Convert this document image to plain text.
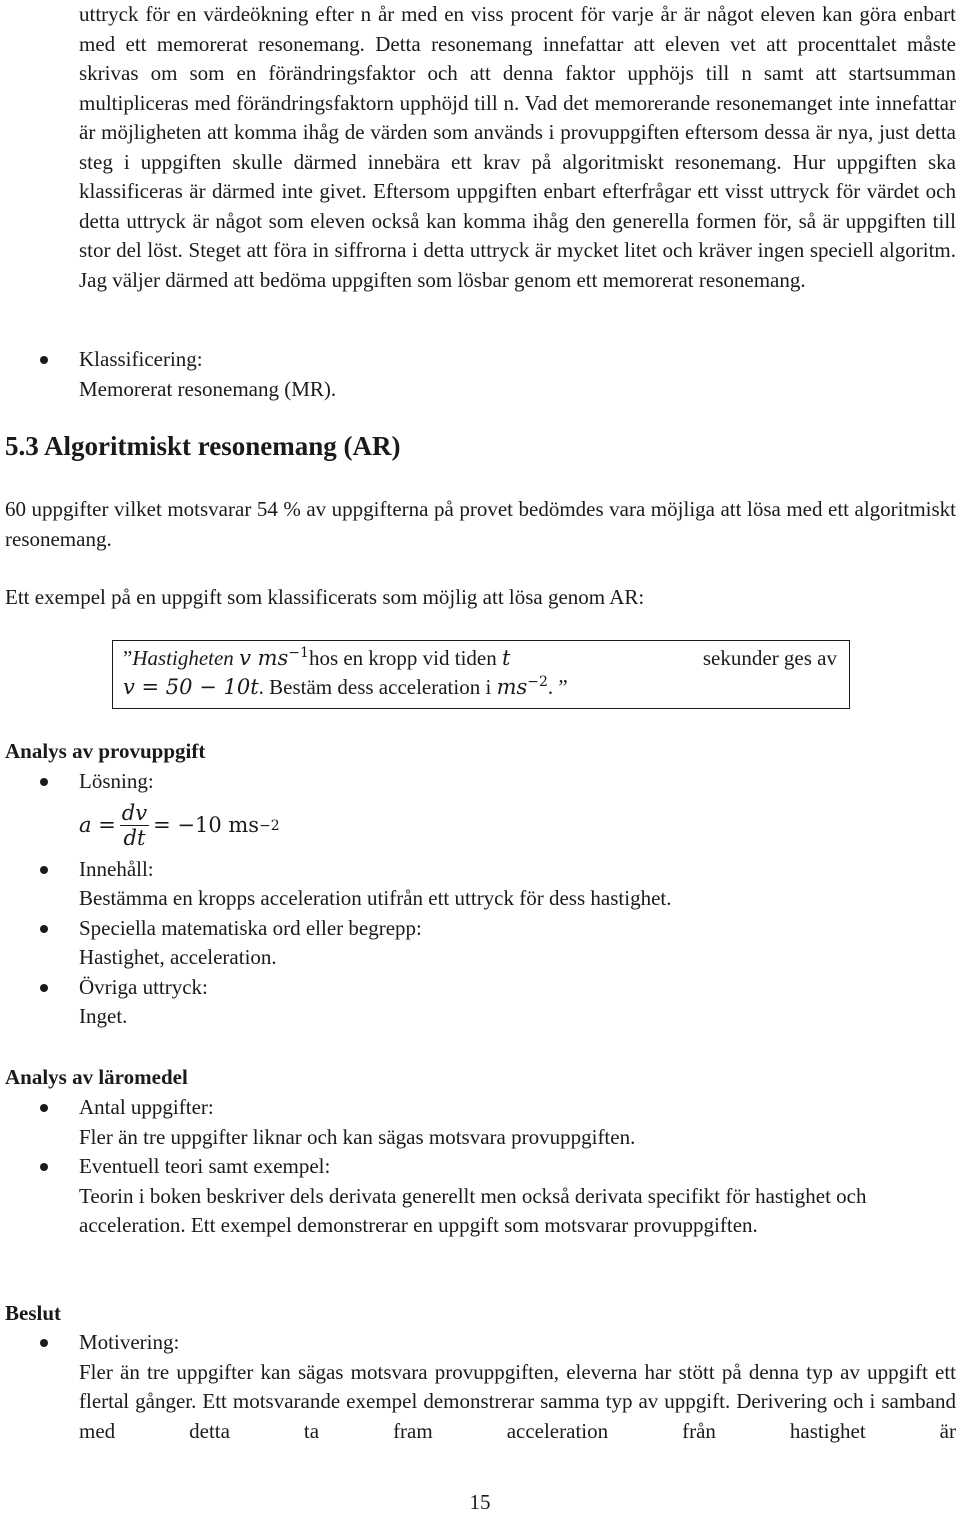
uttryck för en värdeökning efter n år med en viss procent för varje år är något eleven kan göra enbart med ett memorerat resonemang. Detta resonemang innefattar att eleven vet att procenttalet måste skrivas om som en förändringsfaktor och att denna faktor upphöjs till n samt att startsumman multipliceras med förändringsfaktorn upphöjd till n. Vad det memorerande resonemanget inte innefattar är möjligheten att komma ihåg de värden som används i provuppgiften eftersom dessa är nya, just detta steg i uppgiften skulle därmed innebära ett krav på algoritmiskt resonemang. Hur uppgiften ska klassificeras är därmed inte givet. Eftersom uppgiften enbart efterfrågar ett visst uttryck för värdet och detta uttryck är något som eleven också kan komma ihåg den generella formen för, så är uppgiften till stor del löst. Steget att föra in siffrorna i detta uttryck är mycket litet och kräver ingen speciell algoritm. Jag väljer därmed att bedöma uppgiften som lösbar genom ett memorerat resonemang.

Klassificering:

Memorerat resonemang (MR).

5.3 Algoritmiskt resonemang (AR)

60 uppgifter vilket motsvarar 54 % av uppgifterna på provet bedömdes vara möjliga att lösa med ett algoritmiskt resonemang.

Ett exempel på en uppgift som klassificerats som möjlig att lösa genom AR:

”Hastigheten v $ms^{-1}hos$ en kropp vid tiden t	sekunder ges av
v = 50 − 10t. Bestäm dess acceleration i $ms^{-2}$. ”
Analys av provuppgift

Lösning:

$a = \frac{dv}{dt} = -10$ ms −2

Innehåll:

Bestämma en kropps acceleration utifrån ett uttryck för dess hastighet.

Speciella matematiska ord eller begrepp:

Hastighet, acceleration.

Övriga uttryck:

Inget.

Analys av läromedel

Antal uppgifter:

Fler än tre uppgifter liknar och kan sägas motsvara provuppgiften.

Eventuell teori samt exempel:

Teorin i boken beskriver dels derivata generellt men också derivata specifikt för hastighet och acceleration. Ett exempel demonstrerar en uppgift som motsvarar provuppgiften.

Beslut

Motivering:

Fler än tre uppgifter kan sägas motsvara provuppgiften, eleverna har stött på denna typ av uppgift ett flertal gånger. Ett motsvarande exempel demonstrerar samma typ av uppgift. Derivering och i samband med detta ta fram acceleration från hastighet är

15
